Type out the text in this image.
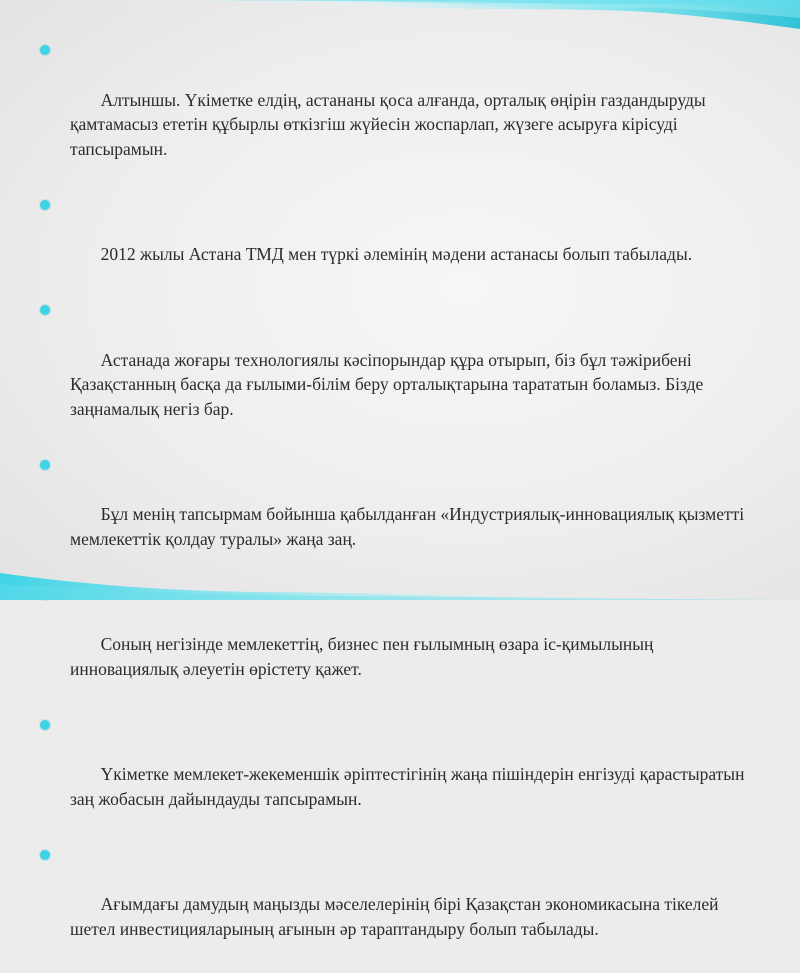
Алтыншы. Үкіметке елдің, астананы қоса алғанда, орталық өңірін газдандыруды қамтамасыз ететін құбырлы өткізгіш жүйесін жоспарлап, жүзеге асыруға кірісуді тапсырамын.

2012 жылы Астана ТМД мен түркі әлемінің мәдени астанасы болып табылады.

Астанада жоғары технологиялы кәсіпорындар құра отырып, біз бұл тәжірибені Қазақстанның басқа да ғылыми-білім беру орталықтарына тарататын боламыз. Бізде заңнамалық негіз бар.

Бұл менің тапсырмам бойынша қабылданған «Индустриялық-инновациялық қызметті мемлекеттік қолдау туралы» жаңа заң.

Соның негізінде мемлекеттің, бизнес пен ғылымның өзара іс-қимылының инновациялық әлеуетін өрістету қажет.

Үкіметке мемлекет-жекеменшік әріптестігінің жаңа пішіндерін енгізуді қарастыратын заң жобасын дайындауды тапсырамын.

Ағымдағы дамудың маңызды мәселелерінің бірі Қазақстан экономикасына тікелей шетел инвестицияларының ағынын әр тараптандыру болып табылады.
